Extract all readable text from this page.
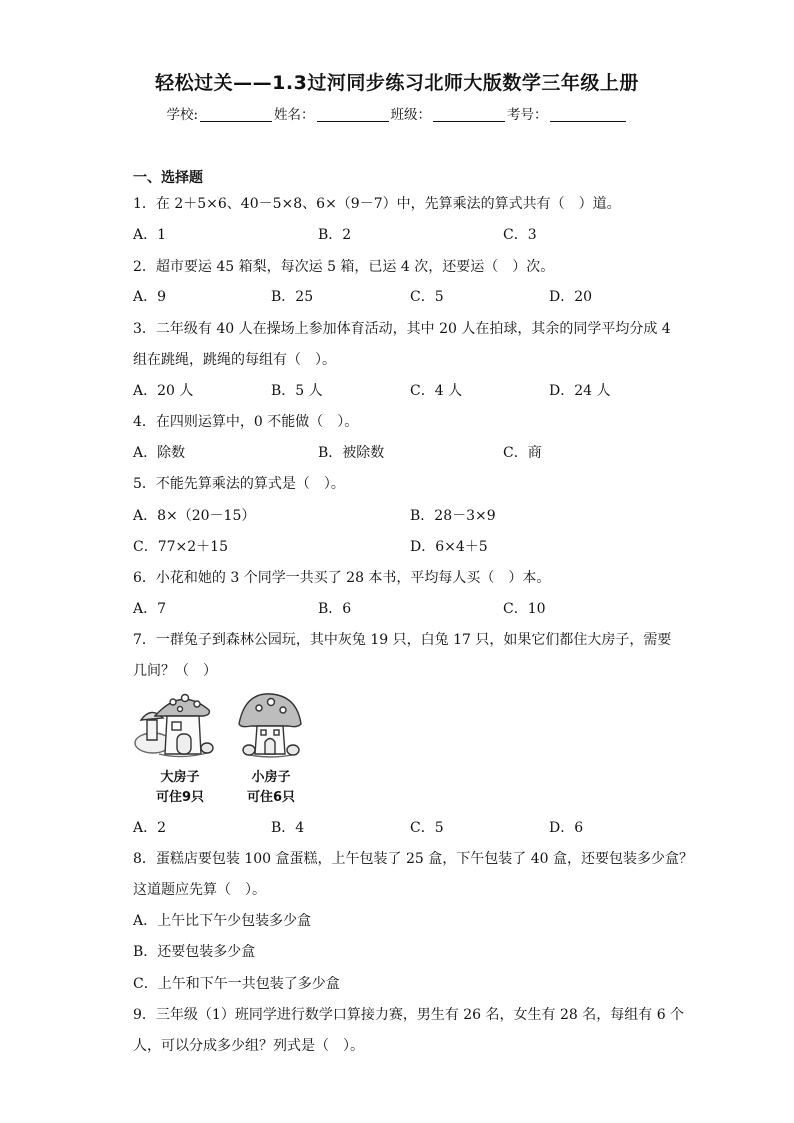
轻松过关——1.3过河同步练习北师大版数学三年级上册
学校:	姓名：	班级：	考号：
一、选择题
1．在 2＋5×6、40－5×8、6×（9－7）中，先算乘法的算式共有（　）道。
A．1	B．2	C．3
2．超市要运 45 箱梨，每次运 5 箱，已运 4 次，还要运（　）次。
A．9	B．25	C．5	D．20
3．二年级有 40 人在操场上参加体育活动，其中 20 人在拍球，其余的同学平均分成 4
组在跳绳，跳绳的每组有（　）。
A．20 人	B．5 人	C．4 人	D．24 人
4．在四则运算中，0 不能做（　）。
A．除数	B．被除数	C．商
5．不能先算乘法的算式是（　）。
A．8×（20－15）	B．28－3×9
C．77×2＋15	D．6×4＋5
6．小花和她的 3 个同学一共买了 28 本书，平均每人买（　）本。
A．7	B．6	C．10
7．一群兔子到森林公园玩，其中灰兔 19 只，白兔 17 只，如果它们都住大房子，需要
几间？（　）
大房子
可住9只
小房子
可住6只
A．2	B．4	C．5	D．6
8．蛋糕店要包装 100 盒蛋糕，上午包装了 25 盒，下午包装了 40 盒，还要包装多少盒？
这道题应先算（　）。
A．上午比下午少包装多少盒
B．还要包装多少盒
C．上午和下午一共包装了多少盒
9．三年级（1）班同学进行数学口算接力赛，男生有 26 名，女生有 28 名，每组有 6 个
人，可以分成多少组？列式是（　）。
